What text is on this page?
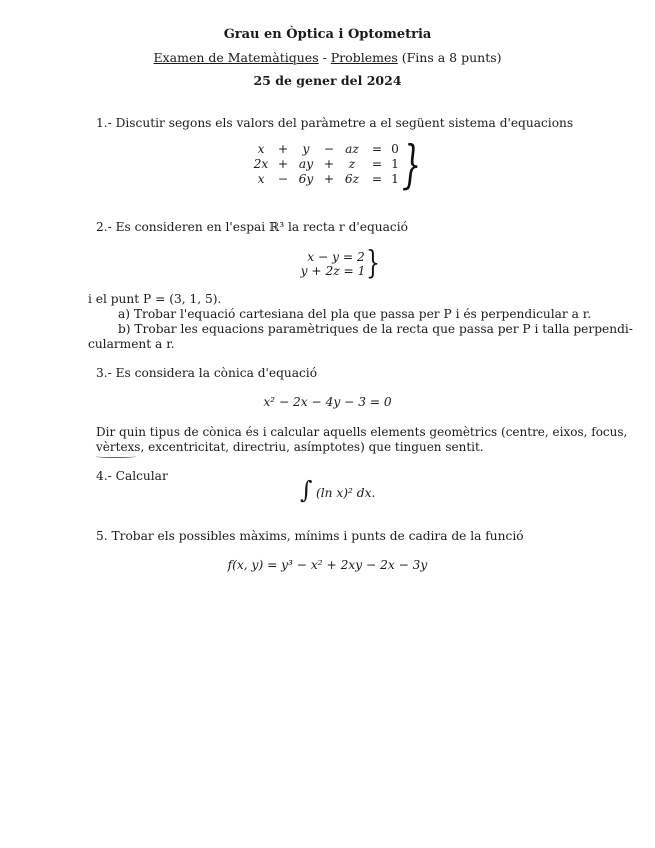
Grau en Òptica i Optometria
Examen de Matemàtiques - Problemes (Fins a 8 punts)
25 de gener del 2024
1.- Discutir segons els valors del paràmetre a el següent sistema d'equacions
x	+	y	− az	= 0
2x + ay +	z	= 1
x	− 6y + 6z	= 1 }
2.- Es consideren en l'espai ℝ³ la recta r d'equació
x − y = 2
y + 2z = 1 }
i el punt P = (3, 1, 5).
a) Trobar l'equació cartesiana del pla que passa per P i és perpendicular a r.
b) Trobar les equacions paramètriques de la recta que passa per P i talla perpendi-
cularment a r.
3.- Es considera la cònica d'equació
x² − 2x − 4y − 3 = 0
Dir quin tipus de cònica és i calcular aquells elements geomètrics (centre, eixos, focus,
vèrtexs, excentricitat, directriu, asímptotes) que tinguen sentit.
4.- Calcular	∫ (ln x)² dx.
5. Trobar els possibles màxims, mínims i punts de cadira de la funció
f(x, y) = y³ − x² + 2xy − 2x − 3y
